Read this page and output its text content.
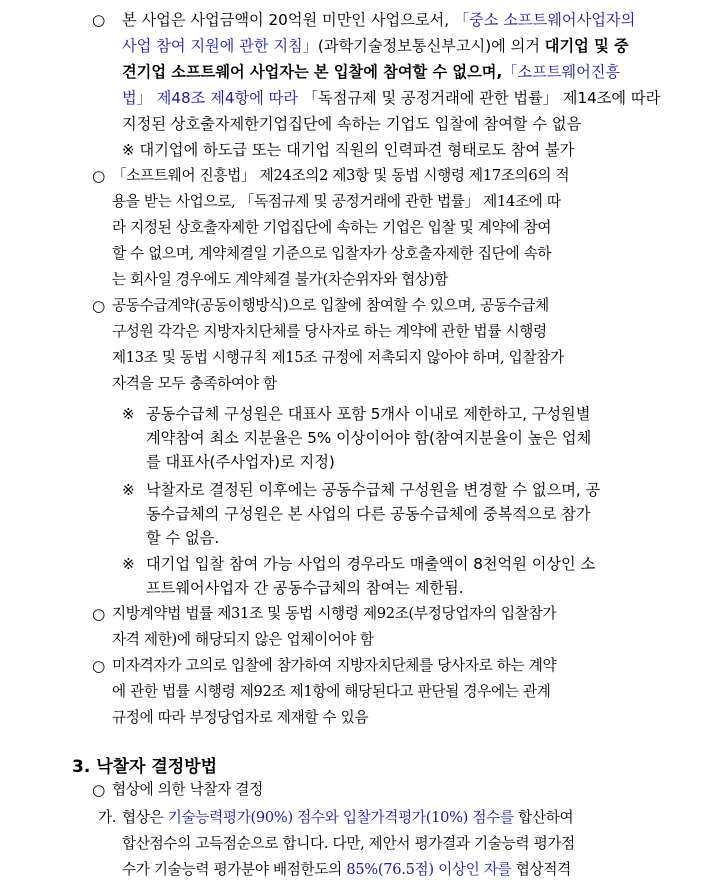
○ 본 사업은 사업금액이 20억원 미만인 사업으로서, 「중소 소프트웨어사업자의
사업 참여 지원에 관한 지침」(과학기술정보통신부고시)에 의거 대기업 및 중
견기업 소프트웨어 사업자는 본 입찰에 참여할 수 없으며,「소프트웨어진흥
법」 제48조 제4항에 따라 「독점규제 및 공정거래에 관한 법률」 제14조에 따라
지정된 상호출자제한기업집단에 속하는 기업도 입찰에 참여할 수 없음
※ 대기업에 하도급 또는 대기업 직원의 인력파견 형태로도 참여 불가
○ 「소프트웨어 진흥법」 제24조의2 제3항 및 동법 시행령 제17조의6의 적
용을 받는 사업으로, 「독점규제 및 공정거래에 관한 법률」 제14조에 따
라 지정된 상호출자제한 기업집단에 속하는 기업은 입찰 및 계약에 참여
할 수 없으며, 계약체결일 기준으로 입찰자가 상호출자제한 집단에 속하
는 회사일 경우에도 계약체결 불가(차순위자와 협상)함
○ 공동수급계약(공동이행방식)으로 입찰에 참여할 수 있으며, 공동수급체
구성원 각각은 지방자치단체를 당사자로 하는 계약에 관한 법률 시행령
제13조 및 동법 시행규칙 제15조 규정에 저촉되지 않아야 하며, 입찰참가
자격을 모두 충족하여야 함
※ 공동수급체 구성원은 대표사 포함 5개사 이내로 제한하고, 구성원별
계약참여 최소 지분율은 5% 이상이어야 함(참여지분율이 높은 업체
를 대표사(주사업자)로 지정)
※ 낙찰자로 결정된 이후에는 공동수급체 구성원을 변경할 수 없으며, 공
동수급체의 구성원은 본 사업의 다른 공동수급체에 중복적으로 참가
할 수 없음.
※ 대기업 입찰 참여 가능 사업의 경우라도 매출액이 8천억원 이상인 소
프트웨어사업자 간 공동수급체의 참여는 제한됨.
○ 지방계약법 법률 제31조 및 동법 시행령 제92조(부정당업자의 입찰참가
자격 제한)에 해당되지 않은 업체이어야 함
○ 미자격자가 고의로 입찰에 참가하여 지방자치단체를 당사자로 하는 계약
에 관한 법률 시행령 제92조 제1항에 해당된다고 판단될 경우에는 관계
규정에 따라 부정당업자로 제재할 수 있음
3. 낙찰자 결정방법
○ 협상에 의한 낙찰자 결정
가. 협상은 기술능력평가(90%) 점수와 입찰가격평가(10%) 점수를 합산하여
합산점수의 고득점순으로 합니다. 다만, 제안서 평가결과 기술능력 평가점
수가 기술능력 평가분야 배점한도의 85%(76.5점) 이상인 자를 협상적격
